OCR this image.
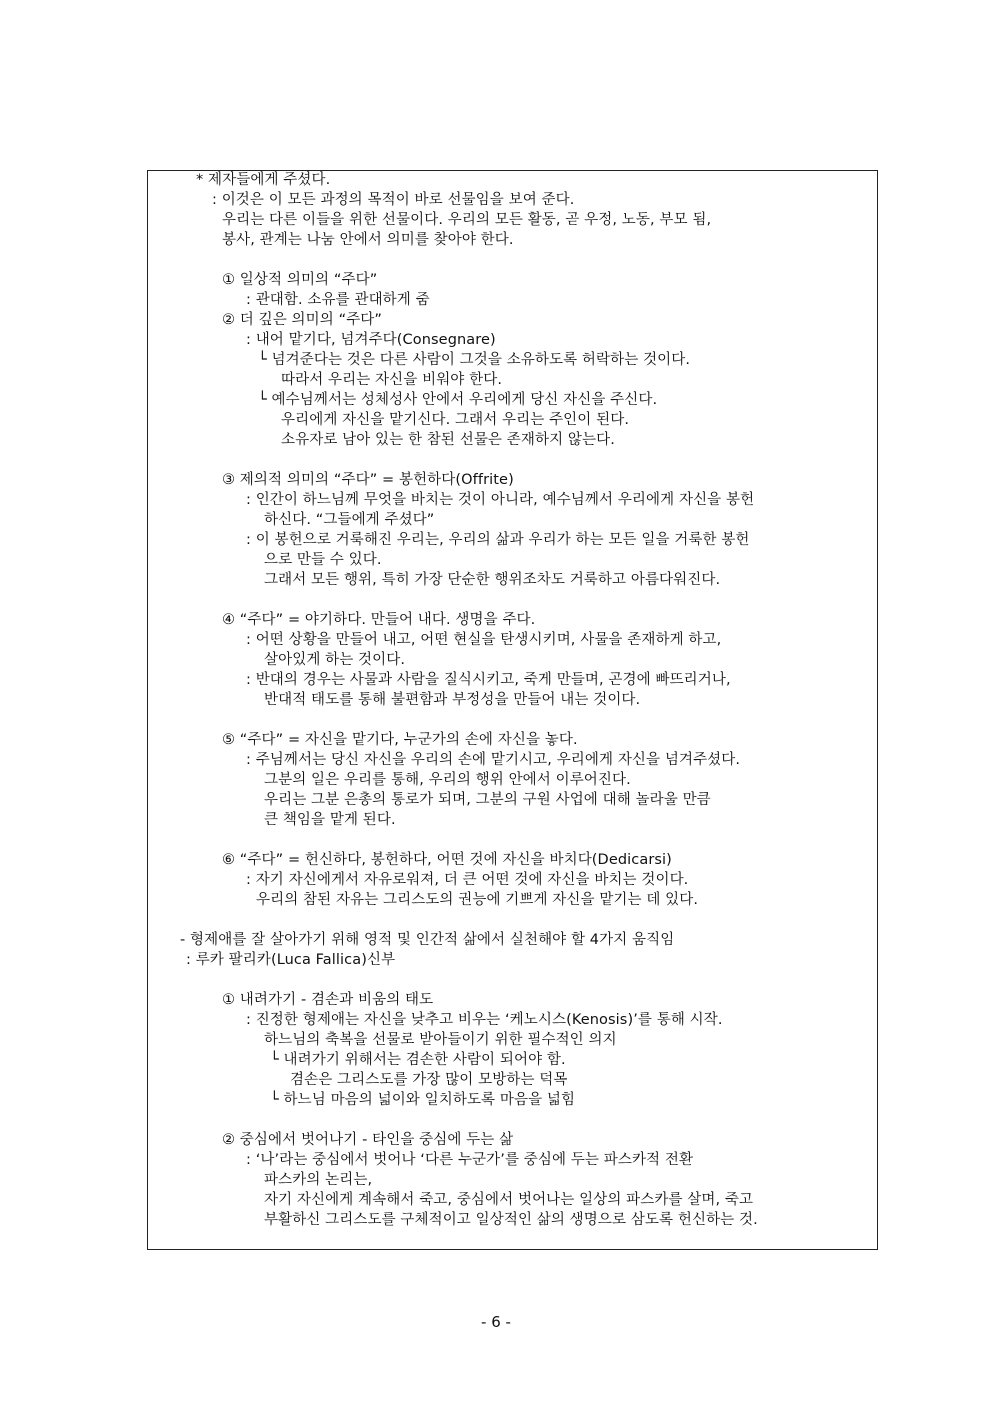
* 제자들에게 주셨다.
: 이것은 이 모든 과정의 목적이 바로 선물임을 보여 준다.
우리는 다른 이들을 위한 선물이다. 우리의 모든 활동, 곧 우정, 노동, 부모 됨,
봉사, 관계는 나눔 안에서 의미를 찾아야 한다.
① 일상적 의미의 “주다”
: 관대함. 소유를 관대하게 줌
② 더 깊은 의미의 “주다”
: 내어 맡기다, 넘겨주다(Consegnare)
└ 넘겨준다는 것은 다른 사람이 그것을 소유하도록 허락하는 것이다.
따라서 우리는 자신을 비워야 한다.
└ 예수님께서는 성체성사 안에서 우리에게 당신 자신을 주신다.
우리에게 자신을 맡기신다. 그래서 우리는 주인이 된다.
소유자로 남아 있는 한 참된 선물은 존재하지 않는다.
③ 제의적 의미의 “주다” = 봉헌하다(Offrite)
: 인간이 하느님께 무엇을 바치는 것이 아니라, 예수님께서 우리에게 자신을 봉헌
하신다. “그들에게 주셨다”
: 이 봉헌으로 거룩해진 우리는, 우리의 삶과 우리가 하는 모든 일을 거룩한 봉헌
으로 만들 수 있다.
그래서 모든 행위, 특히 가장 단순한 행위조차도 거룩하고 아름다워진다.
④ “주다” = 야기하다. 만들어 내다. 생명을 주다.
: 어떤 상황을 만들어 내고, 어떤 현실을 탄생시키며, 사물을 존재하게 하고,
살아있게 하는 것이다.
: 반대의 경우는 사물과 사람을 질식시키고, 죽게 만들며, 곤경에 빠뜨리거나,
반대적 태도를 통해 불편함과 부정성을 만들어 내는 것이다.
⑤ “주다” = 자신을 맡기다, 누군가의 손에 자신을 놓다.
: 주님께서는 당신 자신을 우리의 손에 맡기시고, 우리에게 자신을 넘겨주셨다.
그분의 일은 우리를 통해, 우리의 행위 안에서 이루어진다.
우리는 그분 은총의 통로가 되며, 그분의 구원 사업에 대해 놀라울 만큼
큰 책임을 맡게 된다.
⑥ “주다” = 헌신하다, 봉헌하다, 어떤 것에 자신을 바치다(Dedicarsi)
: 자기 자신에게서 자유로워져, 더 큰 어떤 것에 자신을 바치는 것이다.
우리의 참된 자유는 그리스도의 권능에 기쁘게 자신을 맡기는 데 있다.
- 형제애를 잘 살아가기 위해 영적 및 인간적 삶에서 실천해야 할 4가지 움직임
: 루카 팔리카(Luca Fallica)신부
① 내려가기 - 겸손과 비움의 태도
: 진정한 형제애는 자신을 낮추고 비우는 ‘케노시스(Kenosis)’를 통해 시작.
하느님의 축복을 선물로 받아들이기 위한 필수적인 의지
└ 내려가기 위해서는 겸손한 사람이 되어야 함.
겸손은 그리스도를 가장 많이 모방하는 덕목
└ 하느님 마음의 넓이와 일치하도록 마음을 넓힘
② 중심에서 벗어나기 - 타인을 중심에 두는 삶
: ‘나’라는 중심에서 벗어나 ‘다른 누군가’를 중심에 두는 파스카적 전환
파스카의 논리는,
자기 자신에게 계속해서 죽고, 중심에서 벗어나는 일상의 파스카를 살며, 죽고
부활하신 그리스도를 구체적이고 일상적인 삶의 생명으로 삼도록 헌신하는 것.
- 6 -
